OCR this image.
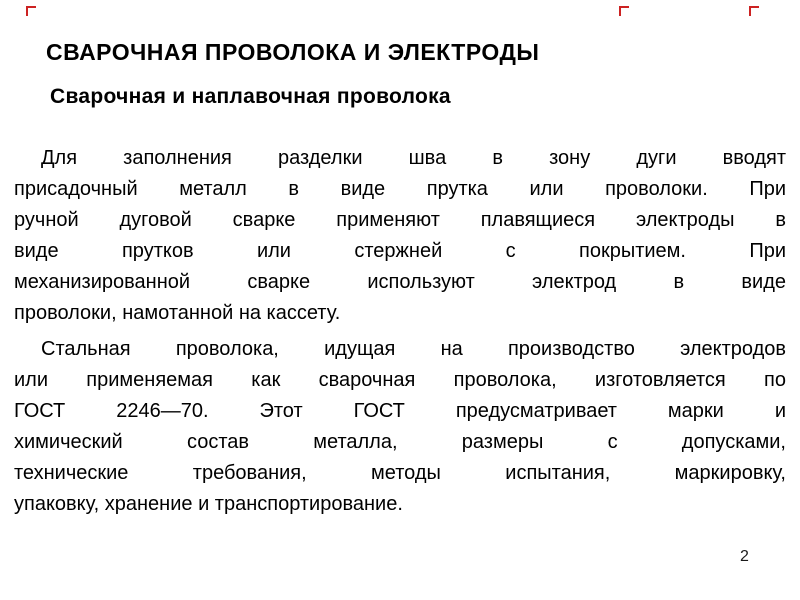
СВАРОЧНАЯ ПРОВОЛОКА И ЭЛЕКТРОДЫ
Сварочная и наплавочная проволока
Для заполнения разделки шва в зону дуги вводят
присадочный металл в виде прутка или проволоки. При
ручной дуговой сварке применяют плавящиеся электроды в
виде прутков или стержней с покрытием. При
механизированной сварке используют электрод в виде
проволоки, намотанной на кассету.
Стальная проволока, идущая на производство электродов
или применяемая как сварочная проволока, изготовляется по
ГОСТ 2246—70. Этот ГОСТ предусматривает марки и
химический состав металла, размеры с допусками,
технические требования, методы испытания, маркировку,
упаковку, хранение и транспортирование.
2
